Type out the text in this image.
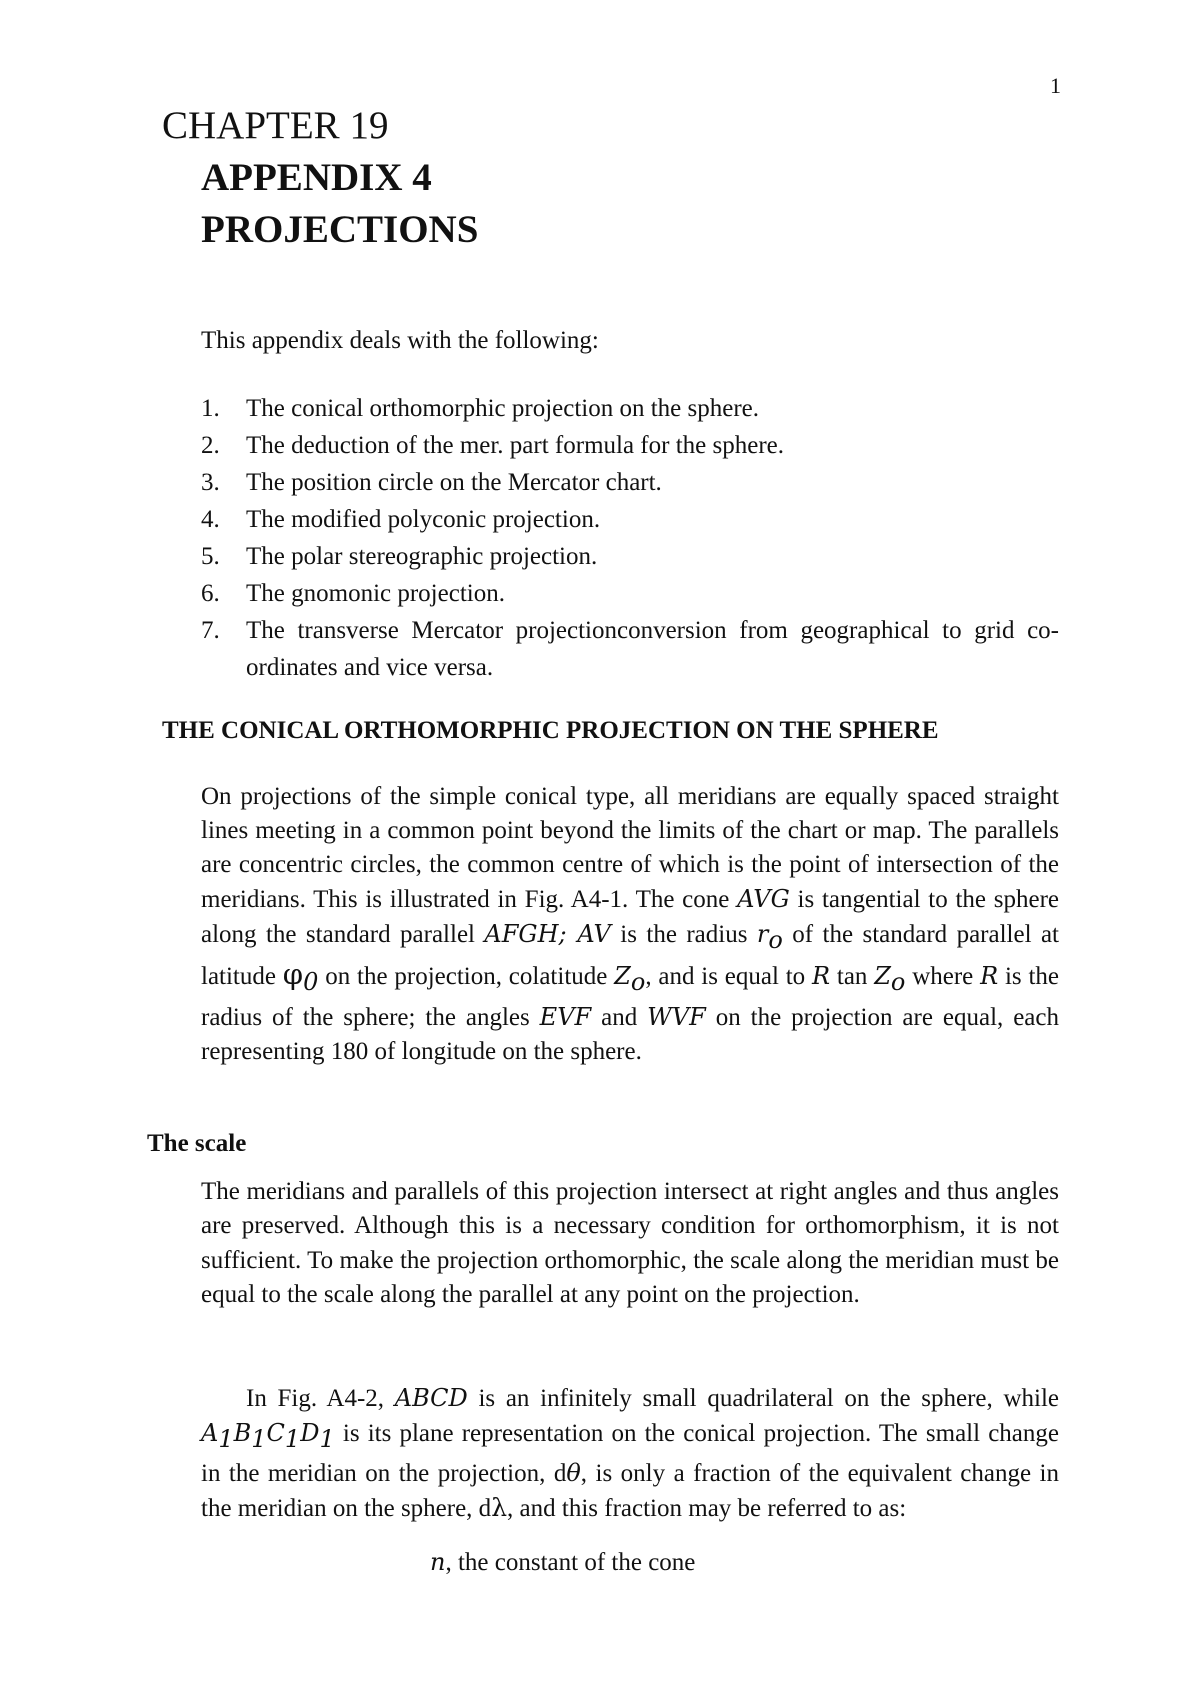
1
CHAPTER 19
APPENDIX 4
PROJECTIONS

This appendix deals with the following:

1.	The conical orthomorphic projection on the sphere.
2.	The deduction of the mer. part formula for the sphere.
3.	The position circle on the Mercator chart.
4.	The modified polyconic projection.
5.	The polar stereographic projection.
6.	The gnomonic projection.
7.	The transverse Mercator projectionconversion from geographical to grid co-ordinates and vice versa.
THE CONICAL ORTHOMORPHIC PROJECTION ON THE SPHERE

On projections of the simple conical type, all meridians are equally spaced straight lines meeting in a common point beyond the limits of the chart or map. The parallels are concentric circles, the common centre of which is the point of intersection of the meridians. This is illustrated in Fig. A4-1. The cone AVG is tangential to the sphere along the standard parallel AFGH; AV is the radius $r_o$ of the standard parallel at latitude $\varphi_0$ on the projection, colatitude $Z_o$, and is equal to R $\tan Z_o$ where R is the radius of the sphere; the angles EVF and WVF on the projection are equal, each representing 180 of longitude on the sphere.

The scale

The meridians and parallels of this projection intersect at right angles and thus angles are preserved. Although this is a necessary condition for orthomorphism, it is not sufficient. To make the projection orthomorphic, the scale along the meridian must be equal to the scale along the parallel at any point on the projection.

In Fig. A4-2, ABCD is an infinitely small quadrilateral on the sphere, while $A_1B_1C_1D_1$ is its plane representation on the conical projection. The small change in the meridian on the projection, dθ, is only a fraction of the equivalent change in the meridian on the sphere, dλ, and this fraction may be referred to as:

n, the constant of the cone
